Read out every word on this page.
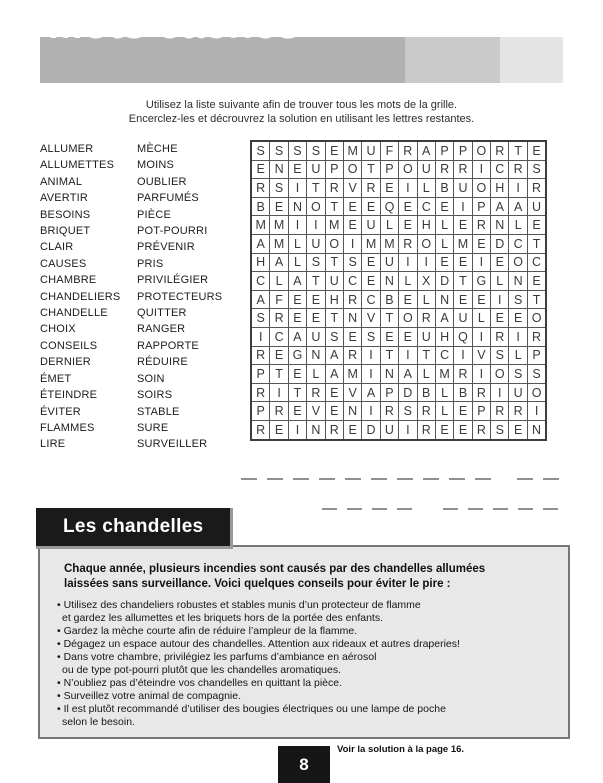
Mots cachés
Utilisez la liste suivante afin de trouver tous les mots de la grille.
Encerclez-les et décrouvrez la solution en utilisant les lettres restantes.
ALLUMER
ALLUMETTES
ANIMAL
AVERTIR
BESOINS
BRIQUET
CLAIR
CAUSES
CHAMBRE
CHANDELIERS
CHANDELLE
CHOIX
CONSEILS
DERNIER
ÉMET
ÉTEINDRE
ÉVITER
FLAMMES
LIRE
MÈCHE
MOINS
OUBLIER
PARFUMÉS
PIÈCE
POT-POURRI
PRÉVENIR
PRIS
PRIVILÉGIER
PROTECTEURS
QUITTER
RANGER
RAPPORTE
RÉDUIRE
SOIN
SOIRS
STABLE
SURE
SURVEILLER
S	S	S	S	E	M	U	F	R	A	P	P	O	R	T	E
E	N	E	U	P	O	T	P	O	U	R	R	I	C	R	S
R	S	I	T	R	V	R	E	I	L	B	U	O	H	I	R
B	E	N	O	T	E	E	Q	E	C	E	I	P	A	A	U
M	M	I	I	M	E	U	L	E	H	L	E	R	N	L	E
A	M	L	U	O	I	M	M	R	O	L	M	E	D	C	T
H	A	L	S	T	S	E	U	I	I	E	E	I	E	O	C
C	L	A	T	U	C	E	N	L	X	D	T	G	L	N	E
A	F	E	E	H	R	C	B	E	L	N	E	E	I	S	T
S	R	E	E	T	N	V	T	O	R	A	U	L	E	E	O
I	C	A	U	S	E	S	E	E	U	H	Q	I	R	I	R
R	E	G	N	A	R	I	T	I	T	C	I	V	S	L	P
P	T	E	L	A	M	I	N	A	L	M	R	I	O	S	S
R	I	T	R	E	V	A	P	D	B	L	B	R	I	U	O
P	R	E	V	E	N	I	R	S	R	L	E	P	R	R	I
R	E	I	N	R	E	D	U	I	R	E	E	R	S	E	N
Les chandelles

Chaque année, plusieurs incendies sont causés par des chandelles allumées
laissées sans surveillance. Voici quelques conseils pour éviter le pire :

• Utilisez des chandeliers robustes et stables munis d’un protecteur de flamme
et gardez les allumettes et les briquets hors de la portée des enfants.
• Gardez la mèche courte afin de réduire l’ampleur de la flamme.
• Dégagez un espace autour des chandelles. Attention aux rideaux et autres draperies!
• Dans votre chambre, privilégiez les parfums d’ambiance en aérosol
ou de type pot-pourri plutôt que les chandelles aromatiques.
• N’oubliez pas d’éteindre vos chandelles en quittant la pièce.
• Surveillez votre animal de compagnie.
• Il est plutôt recommandé d’utiliser des bougies électriques ou une lampe de poche
selon le besoin.
8
Voir la solution à la page 16.
